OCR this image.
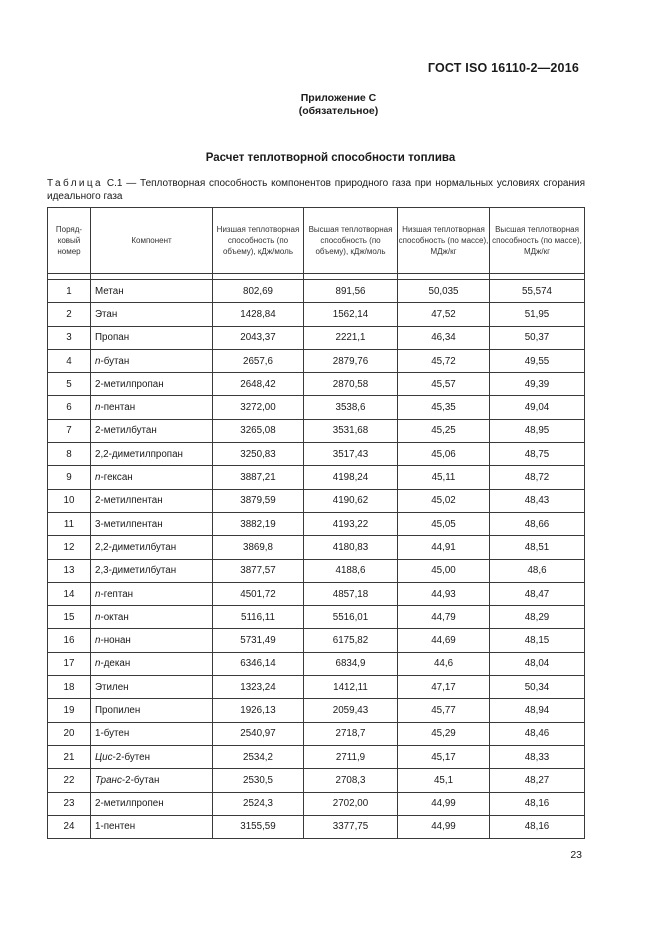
ГОСТ ISO 16110-2—2016
Приложение С
(обязательное)
Расчет теплотворной способности топлива
Таблица С.1 — Теплотворная способность компонентов природного газа при нормальных условиях сгорания идеального газа
Поряд-ковый номер	Компонент	Низшая теплотворная способность (по объему), кДж/моль	Высшая теплотворная способность (по объему), кДж/моль	Низшая теплотворная способность (по массе), МДж/кг	Высшая теплотворная способность (по массе), МДж/кг

1	Метан	802,69	891,56	50,035	55,574
2	Этан	1428,84	1562,14	47,52	51,95
3	Пропан	2043,37	2221,1	46,34	50,37
4	n-бутан	2657,6	2879,76	45,72	49,55
5	2-метилпропан	2648,42	2870,58	45,57	49,39
6	n-пентан	3272,00	3538,6	45,35	49,04
7	2-метилбутан	3265,08	3531,68	45,25	48,95
8	2,2-диметилпропан	3250,83	3517,43	45,06	48,75
9	n-гексан	3887,21	4198,24	45,11	48,72
10	2-метилпентан	3879,59	4190,62	45,02	48,43
11	3-метилпентан	3882,19	4193,22	45,05	48,66
12	2,2-диметилбутан	3869,8	4180,83	44,91	48,51
13	2,3-диметилбутан	3877,57	4188,6	45,00	48,6
14	n-гептан	4501,72	4857,18	44,93	48,47
15	n-октан	5116,11	5516,01	44,79	48,29
16	n-нонан	5731,49	6175,82	44,69	48,15
17	n-декан	6346,14	6834,9	44,6	48,04
18	Этилен	1323,24	1412,11	47,17	50,34
19	Пропилен	1926,13	2059,43	45,77	48,94
20	1-бутен	2540,97	2718,7	45,29	48,46
21	Цис-2-бутен	2534,2	2711,9	45,17	48,33
22	Транс-2-бутан	2530,5	2708,3	45,1	48,27
23	2-метилпропен	2524,3	2702,00	44,99	48,16
24	1-пентен	3155,59	3377,75	44,99	48,16
23
